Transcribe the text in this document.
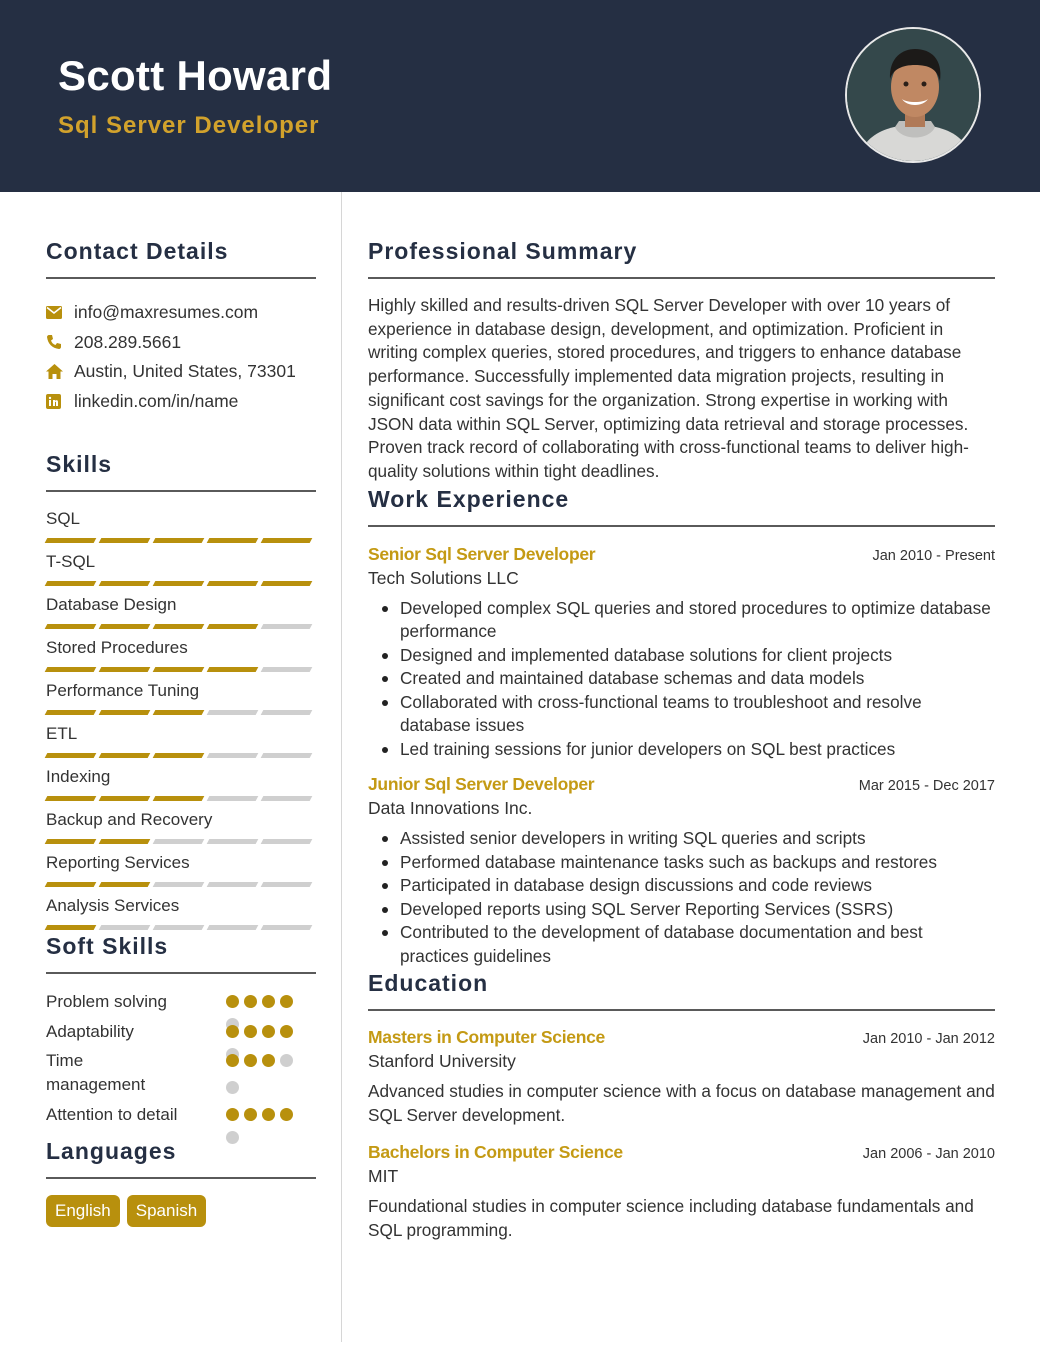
Scott Howard
Sql Server Developer
Contact Details
info@maxresumes.com
208.289.5661
Austin, United States, 73301
linkedin.com/in/name
Skills
SQL
T-SQL
Database Design
Stored Procedures
Performance Tuning
ETL
Indexing
Backup and Recovery
Reporting Services
Analysis Services
Soft Skills
Problem solving
Adaptability
Time management
Attention to detail
Languages
English	Spanish
Professional Summary
Highly skilled and results-driven SQL Server Developer with over 10 years of experience in database design, development, and optimization. Proficient in writing complex queries, stored procedures, and triggers to enhance database performance. Successfully implemented data migration projects, resulting in significant cost savings for the organization. Strong expertise in working with JSON data within SQL Server, optimizing data retrieval and storage processes. Proven track record of collaborating with cross-functional teams to deliver high-quality solutions within tight deadlines.
Work Experience
Senior Sql Server Developer	Jan 2010 - Present
Tech Solutions LLC
Developed complex SQL queries and stored procedures to optimize database performance
Designed and implemented database solutions for client projects
Created and maintained database schemas and data models
Collaborated with cross-functional teams to troubleshoot and resolve database issues
Led training sessions for junior developers on SQL best practices
Junior Sql Server Developer	Mar 2015 - Dec 2017
Data Innovations Inc.
Assisted senior developers in writing SQL queries and scripts
Performed database maintenance tasks such as backups and restores
Participated in database design discussions and code reviews
Developed reports using SQL Server Reporting Services (SSRS)
Contributed to the development of database documentation and best practices guidelines
Education
Masters in Computer Science	Jan 2010 - Jan 2012
Stanford University
Advanced studies in computer science with a focus on database management and SQL Server development.
Bachelors in Computer Science	Jan 2006 - Jan 2010
MIT
Foundational studies in computer science including database fundamentals and SQL programming.
